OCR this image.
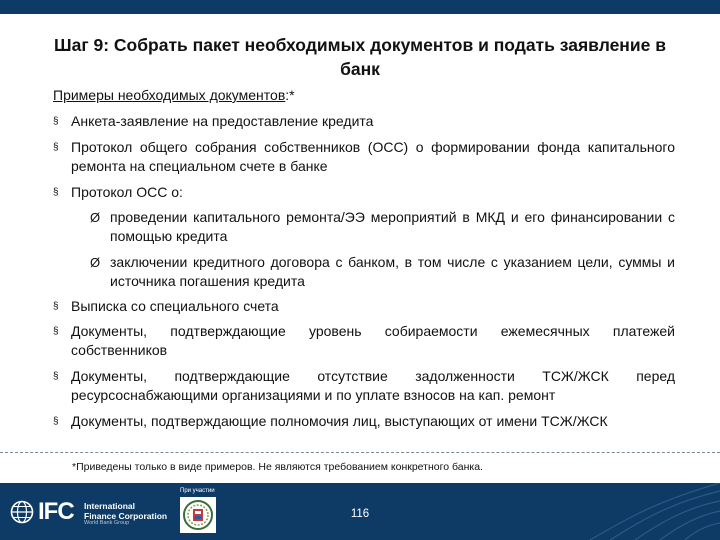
Шаг 9: Собрать пакет необходимых документов и подать заявление в банк
Примеры необходимых документов:*
§ Анкета-заявление на предоставление кредита
§ Протокол общего собрания собственников (ОСС) о формировании фонда капитального ремонта на специальном счете в банке
§ Протокол ОСС о:
Ø проведении капитального ремонта/ЭЭ мероприятий в МКД и его финансировании с помощью кредита
Ø заключении кредитного договора с банком, в том числе с указанием цели, суммы и источника погашения кредита
§ Выписка со специального счета
§ Документы, подтверждающие уровень собираемости ежемесячных платежей собственников
§ Документы, подтверждающие отсутствие задолженности ТСЖ/ЖСК перед ресурсоснабжающими организациями и по уплате взносов на кап. ремонт
§ Документы, подтверждающие полномочия лиц, выступающих от имени ТСЖ/ЖСК
*Приведены только в виде примеров. Не являются требованием конкретного банка.
IFC International
Finance Corporation
World Bank Group
При участии
116
